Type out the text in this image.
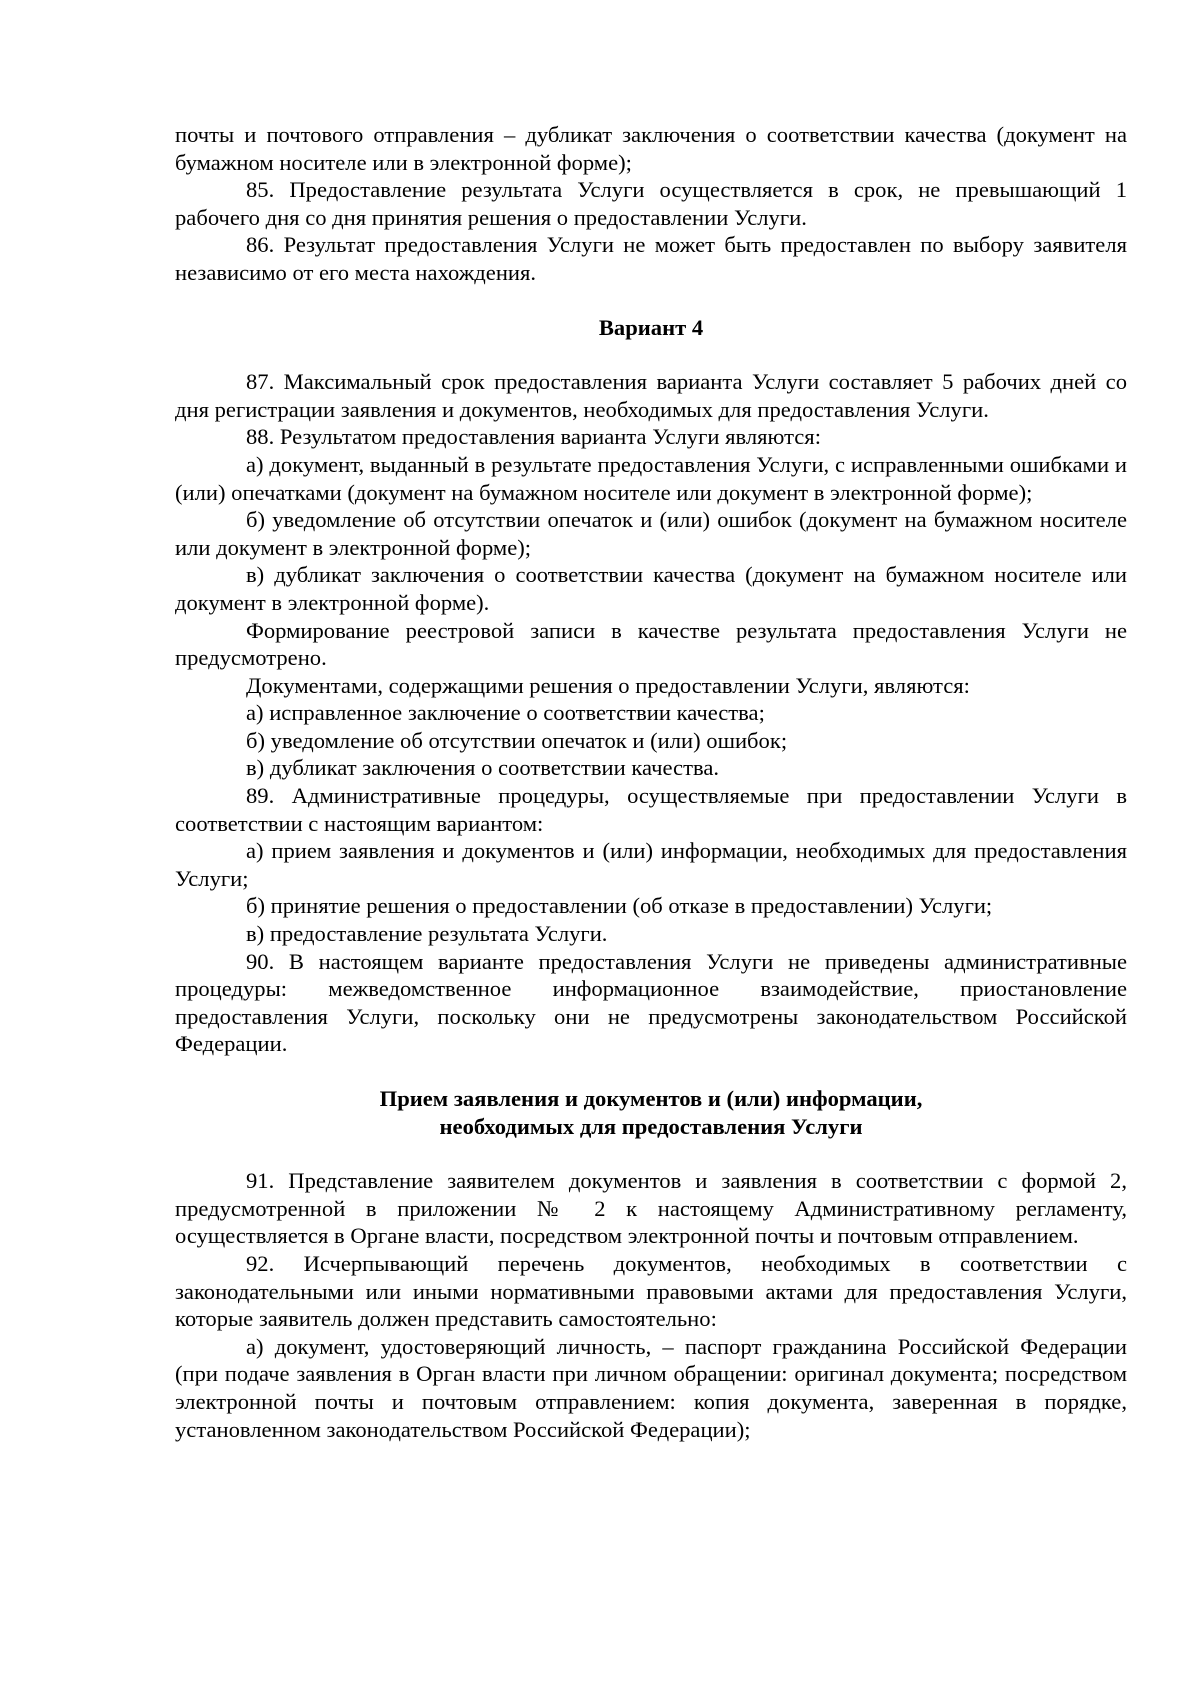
почты и почтового отправления – дубликат заключения о соответствии качества (документ на бумажном носителе или в электронной форме);

85. Предоставление результата Услуги осуществляется в срок, не превышающий 1 рабочего дня со дня принятия решения о предоставлении Услуги.

86. Результат предоставления Услуги не может быть предоставлен по выбору заявителя независимо от его места нахождения.

Вариант 4

87. Максимальный срок предоставления варианта Услуги составляет 5 рабочих дней со дня регистрации заявления и документов, необходимых для предоставления Услуги.

88. Результатом предоставления варианта Услуги являются:

а) документ, выданный в результате предоставления Услуги, с исправленными ошибками и (или) опечатками (документ на бумажном носителе или документ в электронной форме);

б) уведомление об отсутствии опечаток и (или) ошибок (документ на бумажном носителе или документ в электронной форме);

в) дубликат заключения о соответствии качества (документ на бумажном носителе или документ в электронной форме).

Формирование реестровой записи в качестве результата предоставления Услуги не предусмотрено.

Документами, содержащими решения о предоставлении Услуги, являются:

а) исправленное заключение о соответствии качества;

б) уведомление об отсутствии опечаток и (или) ошибок;

в) дубликат заключения о соответствии качества.

89. Административные процедуры, осуществляемые при предоставлении Услуги в соответствии с настоящим вариантом:

а) прием заявления и документов и (или) информации, необходимых для предоставления Услуги;

б) принятие решения о предоставлении (об отказе в предоставлении) Услуги;

в) предоставление результата Услуги.

90. В настоящем варианте предоставления Услуги не приведены административные процедуры: межведомственное информационное взаимодействие, приостановление предоставления Услуги, поскольку они не предусмотрены законодательством Российской Федерации.

Прием заявления и документов и (или) информации,
необходимых для предоставления Услуги

91. Представление заявителем документов и заявления в соответствии с формой 2, предусмотренной в приложении № 2 к настоящему Административному регламенту, осуществляется в Органе власти, посредством электронной почты и почтовым отправлением.

92. Исчерпывающий перечень документов, необходимых в соответствии с законодательными или иными нормативными правовыми актами для предоставления Услуги, которые заявитель должен представить самостоятельно:

а) документ, удостоверяющий личность, – паспорт гражданина Российской Федерации (при подаче заявления в Орган власти при личном обращении: оригинал документа; посредством электронной почты и почтовым отправлением: копия документа, заверенная в порядке, установленном законодательством Российской Федерации);
